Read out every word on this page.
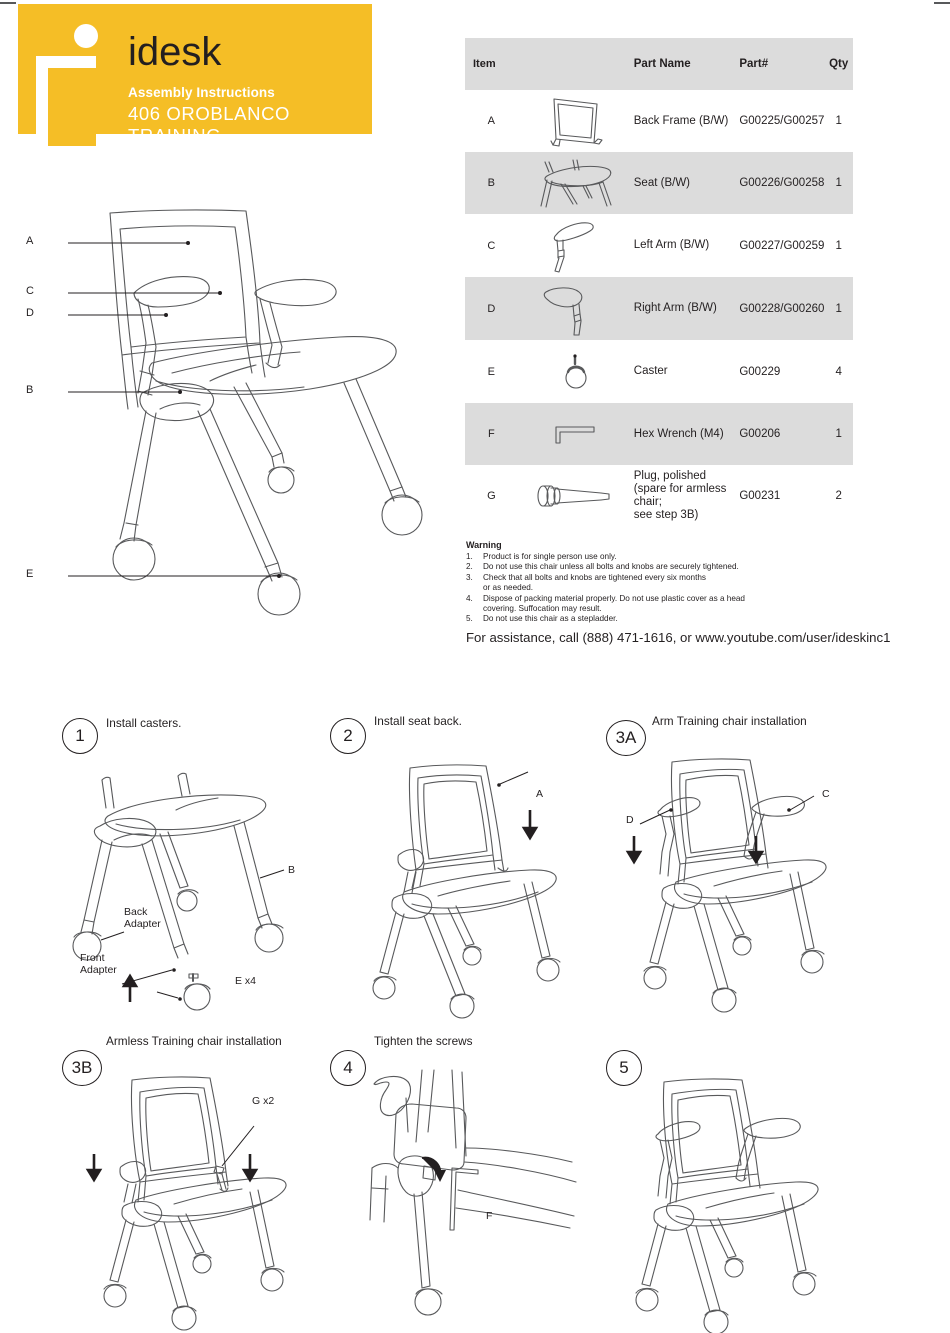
idesk
Assembly Instructions
406 OROBLANCO TRAINING
A
C
D
B
E
Item		Part Name	Part#	Qty
A		Back Frame (B/W)	G00225/G00257	1
B		Seat (B/W)	G00226/G00258	1
C		Left Arm (B/W)	G00227/G00259	1
D		Right Arm (B/W)	G00228/G00260	1
E		Caster	G00229	4
F		Hex Wrench (M4)	G00206	1
G		Plug, polished
(spare for armless chair;
see step 3B)	G00231	2
Warning
1.	Product is for single person use only.
2.	Do not use this chair unless all bolts and knobs are securely tightened.
3.	Check that all bolts and knobs are tightened every six months
or as needed.
4.	Dispose of packing material properly. Do not use plastic cover as a head
covering. Suffocation may result.
5.	Do not use this chair as a stepladder.
For assistance, call (888) 471-1616, or www.youtube.com/user/ideskinc1
1
Install casters.
Back
Adapter
Front
Adapter
E x4
B
2
Install seat back.
A
3A
Arm Training chair installation
D
C
3B
Armless Training chair installation
G x2
4
Tighten the screws
F
5
